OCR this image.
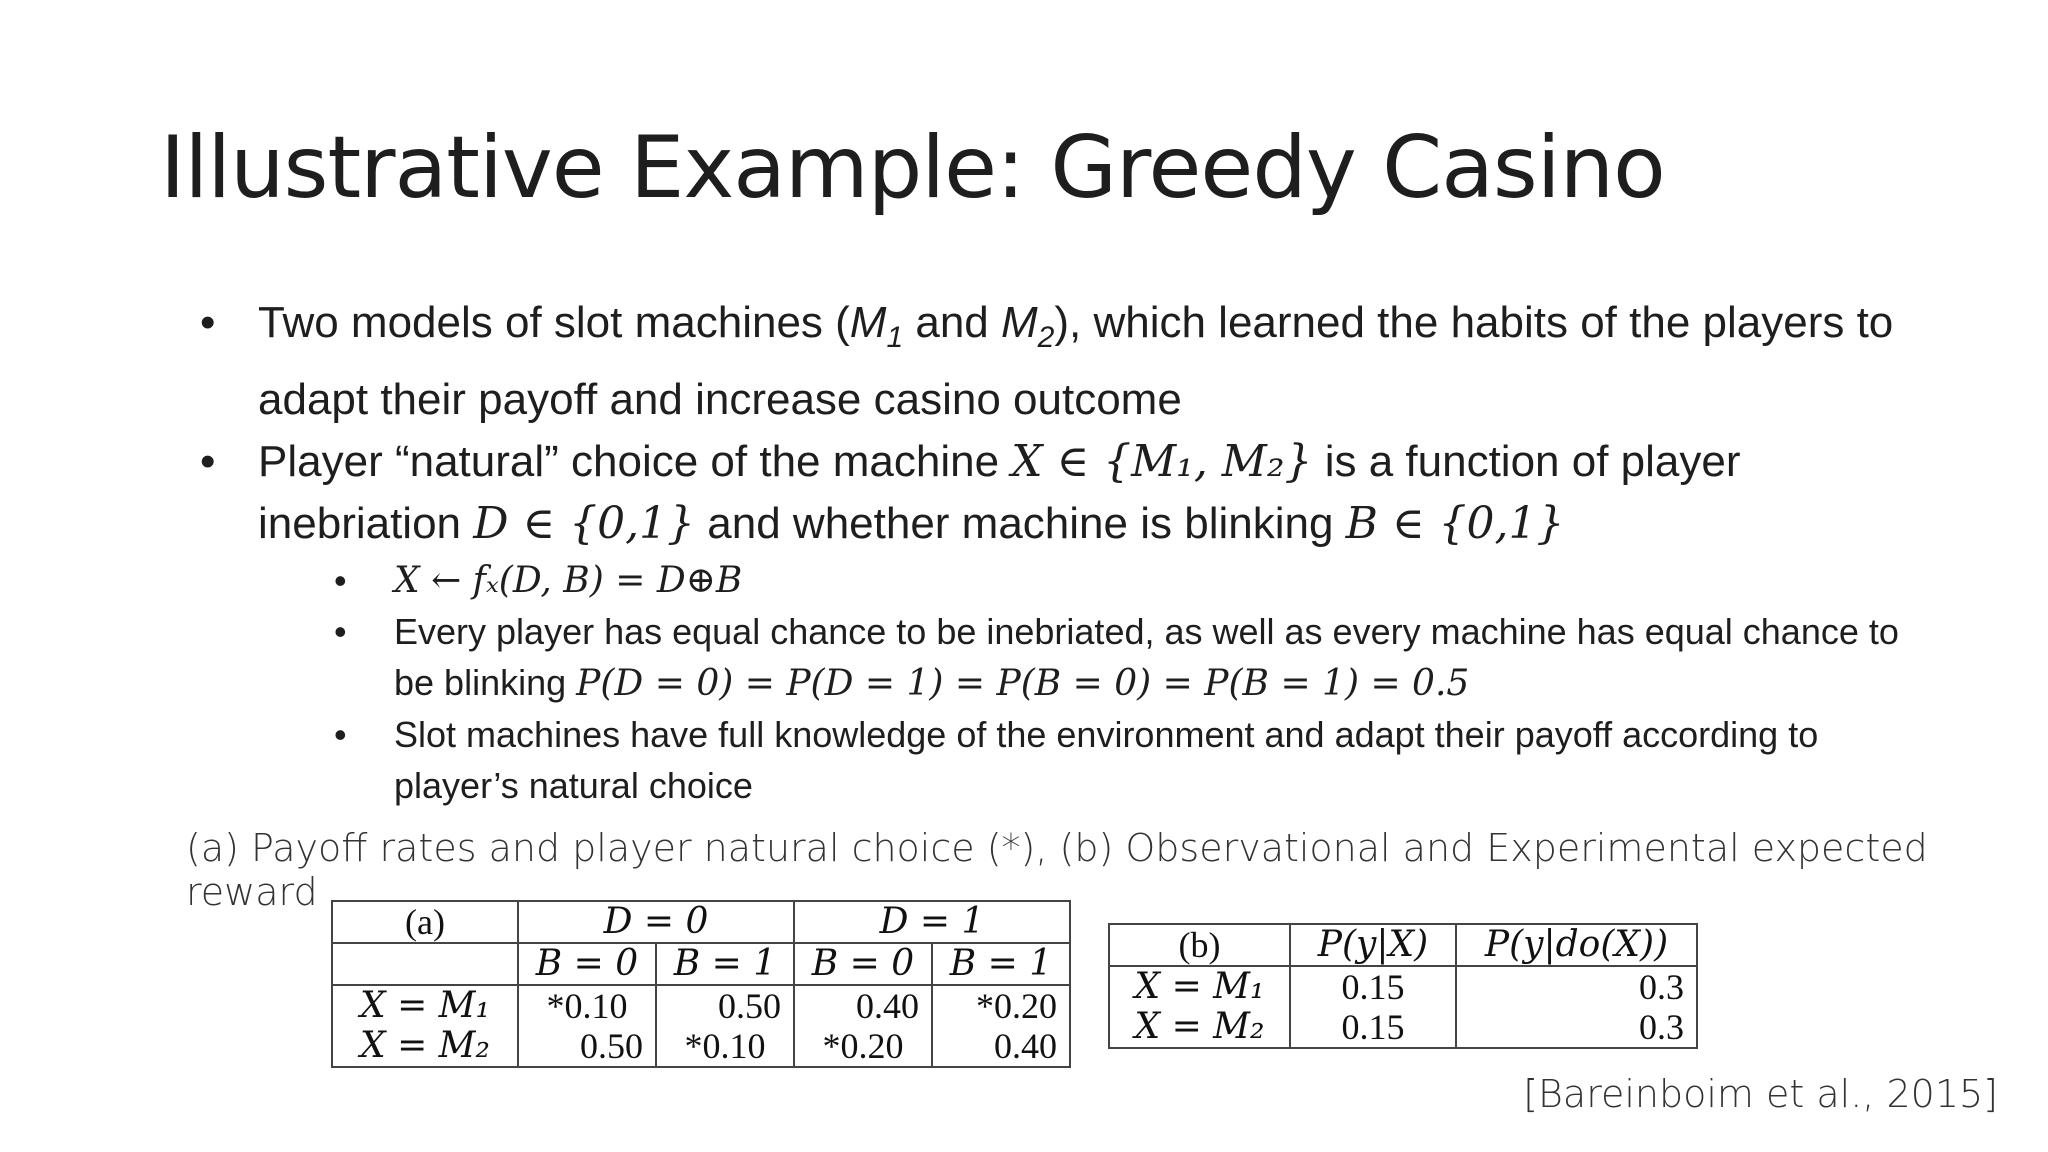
Illustrative Example: Greedy Casino
• Two models of slot machines ($M_1$ and $M_2$), which learned the habits of the players to adapt their payoff and increase casino outcome
• Player “natural” choice of the machine X ∈ {M₁, M₂} is a function of player inebriation D ∈ {0,1} and whether machine is blinking B ∈ {0,1}
•	X ← fₓ(D, B) = D⊕B
•	Every player has equal chance to be inebriated, as well as every machine has equal chance to be blinking P(D = 0) = P(D = 1) = P(B = 0) = P(B = 1) = 0.5
•	Slot machines have full knowledge of the environment and adapt their payoff according to player’s natural choice
(a) Payoff rates and player natural choice (*), (b) Observational and Experimental expected reward
(a)	D = 0		D = 1	
	B = 0	B = 1	B = 0	B = 1
X = M₁	*0.10	0.50	0.40	*0.20
X = M₂	0.50	*0.10	*0.20	0.40
(b)	P(y|X)	P(y|do(X))
X = M₁	0.15	0.3
X = M₂	0.15	0.3
[Bareinboim et al., 2015]
